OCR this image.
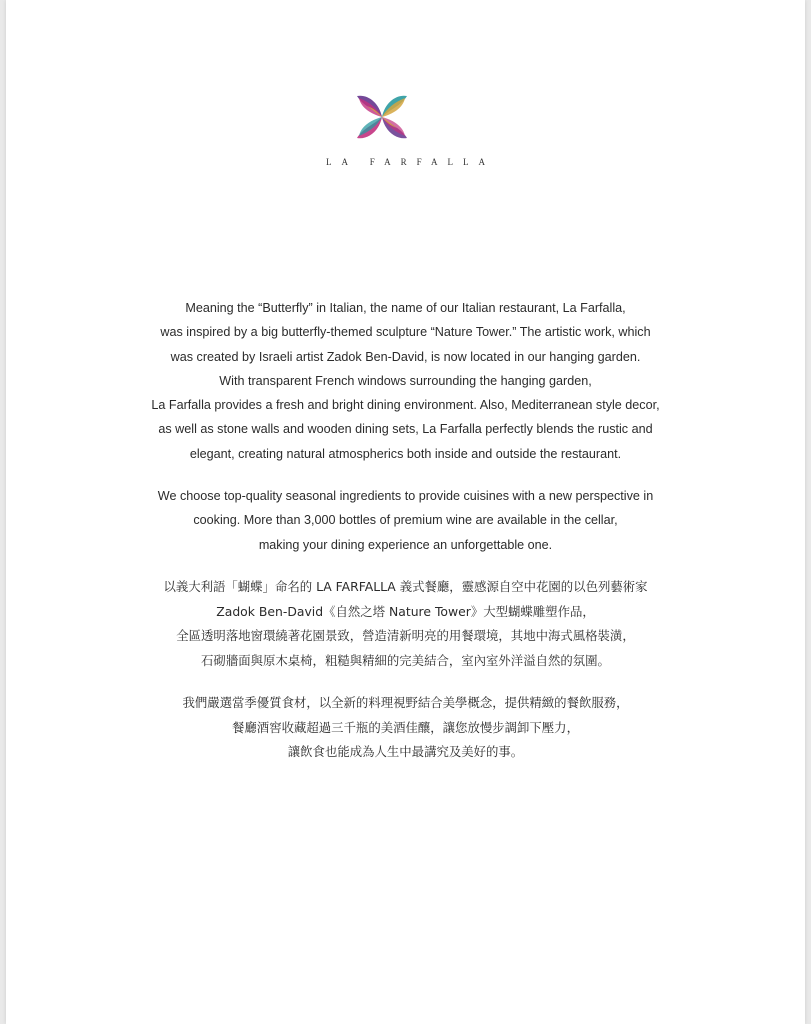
LA FARFALLA
Meaning the “Butterfly” in Italian, the name of our Italian restaurant, La Farfalla,
was inspired by a big butterfly-themed sculpture “Nature Tower.” The artistic work, which
was created by Israeli artist Zadok Ben-David, is now located in our hanging garden.
With transparent French windows surrounding the hanging garden,
La Farfalla provides a fresh and bright dining environment. Also, Mediterranean style decor,
as well as stone walls and wooden dining sets, La Farfalla perfectly blends the rustic and
elegant, creating natural atmospherics both inside and outside the restaurant.
We choose top-quality seasonal ingredients to provide cuisines with a new perspective in
cooking. More than 3,000 bottles of premium wine are available in the cellar,
making your dining experience an unforgettable one.
以義大利語「蝴蝶」命名的 LA FARFALLA 義式餐廳，靈感源自空中花園的以色列藝術家
Zadok Ben-David《自然之塔 Nature Tower》大型蝴蝶雕塑作品，
全區透明落地窗環繞著花園景致，營造清新明亮的用餐環境，其地中海式風格裝潢，
石砌牆面與原木桌椅，粗糙與精細的完美結合，室內室外洋溢自然的氛圍。
我們嚴選當季優質食材，以全新的料理視野結合美學概念，提供精緻的餐飲服務，
餐廳酒窖收藏超過三千瓶的美酒佳釀，讓您放慢步調卸下壓力，
讓飲食也能成為人生中最講究及美好的事。
